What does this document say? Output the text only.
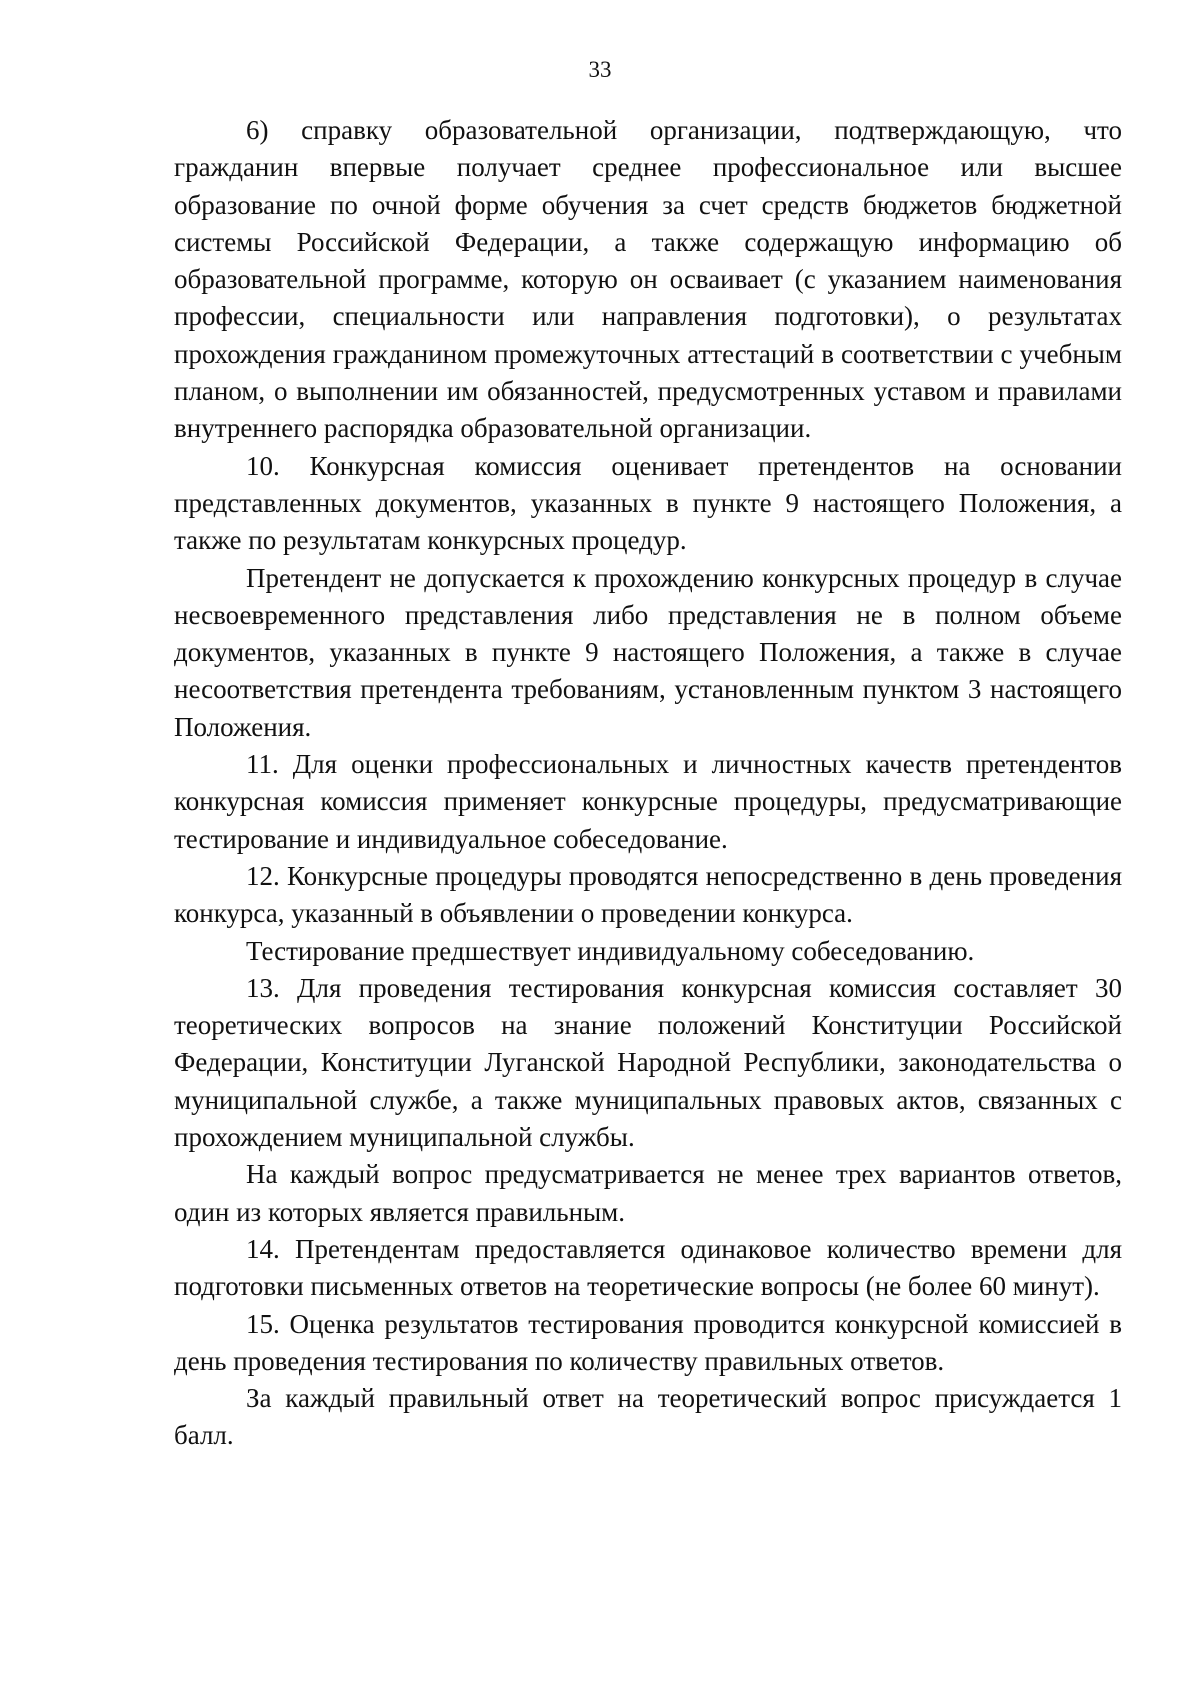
33

6) справку образовательной организации, подтверждающую, что гражданин впервые получает среднее профессиональное или высшее образование по очной форме обучения за счет средств бюджетов бюджетной системы Российской Федерации, а также содержащую информацию об образовательной программе, которую он осваивает (с указанием наименования профессии, специальности или направления подготовки), о результатах прохождения гражданином промежуточных аттестаций в соответствии с учебным планом, о выполнении им обязанностей, предусмотренных уставом и правилами внутреннего распорядка образовательной организации.

10. Конкурсная комиссия оценивает претендентов на основании представленных документов, указанных в пункте 9 настоящего Положения, а также по результатам конкурсных процедур.

Претендент не допускается к прохождению конкурсных процедур в случае несвоевременного представления либо представления не в полном объеме документов, указанных в пункте 9 настоящего Положения, а также в случае несоответствия претендента требованиям, установленным пунктом 3 настоящего Положения.

11. Для оценки профессиональных и личностных качеств претендентов конкурсная комиссия применяет конкурсные процедуры, предусматривающие тестирование и индивидуальное собеседование.

12. Конкурсные процедуры проводятся непосредственно в день проведения конкурса, указанный в объявлении о проведении конкурса.

Тестирование предшествует индивидуальному собеседованию.

13. Для проведения тестирования конкурсная комиссия составляет 30 теоретических вопросов на знание положений Конституции Российской Федерации, Конституции Луганской Народной Республики, законодательства о муниципальной службе, а также муниципальных правовых актов, связанных с прохождением муниципальной службы.

На каждый вопрос предусматривается не менее трех вариантов ответов, один из которых является правильным.

14. Претендентам предоставляется одинаковое количество времени для подготовки письменных ответов на теоретические вопросы (не более 60 минут).

15. Оценка результатов тестирования проводится конкурсной комиссией в день проведения тестирования по количеству правильных ответов.

За каждый правильный ответ на теоретический вопрос присуждается 1 балл.
